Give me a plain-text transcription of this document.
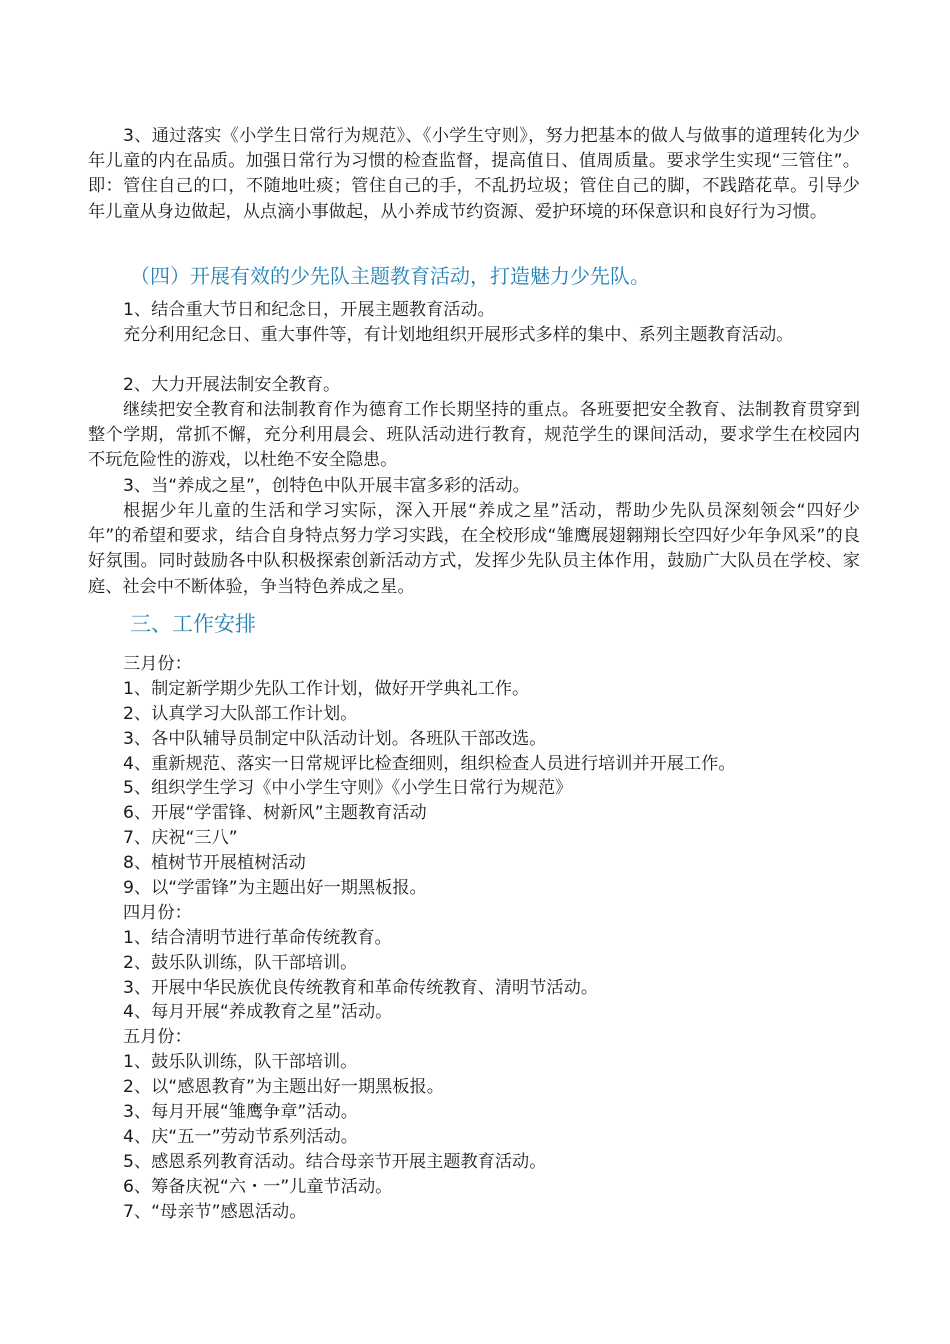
3、通过落实《小学生日常行为规范》、《小学生守则》，努力把基本的做人与做事的道理转化为少年儿童的内在品质。加强日常行为习惯的检查监督，提高值日、值周质量。要求学生实现“三管住”。即：管住自己的口，不随地吐痰；管住自己的手，不乱扔垃圾；管住自己的脚，不践踏花草。引导少年儿童从身边做起，从点滴小事做起，从小养成节约资源、爱护环境的环保意识和良好行为习惯。

（四）开展有效的少先队主题教育活动，打造魅力少先队。

1、结合重大节日和纪念日，开展主题教育活动。

充分利用纪念日、重大事件等，有计划地组织开展形式多样的集中、系列主题教育活动。

2、大力开展法制安全教育。

继续把安全教育和法制教育作为德育工作长期坚持的重点。各班要把安全教育、法制教育贯穿到整个学期，常抓不懈，充分利用晨会、班队活动进行教育，规范学生的课间活动，要求学生在校园内不玩危险性的游戏，以杜绝不安全隐患。

3、当“养成之星”，创特色中队开展丰富多彩的活动。

根据少年儿童的生活和学习实际，深入开展“养成之星”活动，帮助少先队员深刻领会“四好少年”的希望和要求，结合自身特点努力学习实践，在全校形成“雏鹰展翅翱翔长空四好少年争风采”的良好氛围。同时鼓励各中队积极探索创新活动方式，发挥少先队员主体作用，鼓励广大队员在学校、家庭、社会中不断体验，争当特色养成之星。

三、工作安排
三月份：
1、制定新学期少先队工作计划，做好开学典礼工作。
2、认真学习大队部工作计划。
3、各中队辅导员制定中队活动计划。各班队干部改选。
4、重新规范、落实一日常规评比检查细则，组织检查人员进行培训并开展工作。
5、组织学生学习《中小学生守则》《小学生日常行为规范》
6、开展“学雷锋、树新风”主题教育活动
7、庆祝“三八”
8、植树节开展植树活动
9、以“学雷锋”为主题出好一期黑板报。
四月份：
1、结合清明节进行革命传统教育。
2、鼓乐队训练，队干部培训。
3、开展中华民族优良传统教育和革命传统教育、清明节活动。
4、每月开展“养成教育之星”活动。
五月份：
1、鼓乐队训练，队干部培训。
2、以“感恩教育”为主题出好一期黑板报。
3、每月开展“雏鹰争章”活动。
4、庆“五一”劳动节系列活动。
5、感恩系列教育活动。结合母亲节开展主题教育活动。
6、筹备庆祝“六・一”儿童节活动。
7、“母亲节”感恩活动。
